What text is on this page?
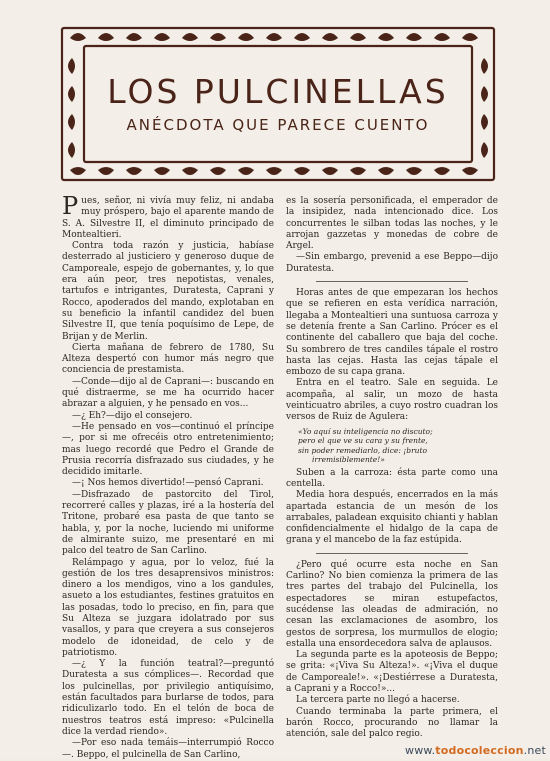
LOS PULCINELLAS
ANÉCDOTA QUE PARECE CUENTO

Pues, señor, ni vivía muy feliz, ni andaba muy próspero, bajo el aparente mando de S. A. Silvestre II, el diminuto principado de Montealtieri.

Contra toda razón y justicia, habíase desterrado al justiciero y generoso duque de Camporeale, espejo de gobernantes, y, lo que era aún peor, tres nepotistas, venales, tartufos e intrigantes, Duratesta, Caprani y Rocco, apoderados del mando, explotaban en su beneficio la infantil candidez del buen Silvestre II, que tenía poquísimo de Lepe, de Brijan y de Merlin.

Cierta mañana de febrero de 1780, Su Alteza despertó con humor más negro que conciencia de prestamista.

—Conde—dijo al de Caprani—: buscando en qué distraerme, se me ha ocurrido hacer abrazar a alguien, y he pensado en vos...

—¿ Eh?—dijo el consejero.

—He pensado en vos—continuó el príncipe—, por si me ofrecéis otro entretenimiento; mas luego recordé que Pedro el Grande de Prusia recorría disfrazado sus ciudades, y he decidido imitarle.

—¡ Nos hemos divertido!—pensó Caprani.

—Disfrazado de pastorcito del Tirol, recorreré calles y plazas, iré a la hostería del Tritone, probaré esa pasta de que tanto se habla, y, por la noche, luciendo mi uniforme de almirante suizo, me presentaré en mi palco del teatro de San Carlino.

Relámpago y agua, por lo veloz, fué la gestión de los tres desaprensivos ministros: dinero a los mendigos, vino a los gandules, asueto a los estudiantes, festines gratuitos en las posadas, todo lo preciso, en fin, para que Su Alteza se juzgara idolatrado por sus vasallos, y para que creyera a sus consejeros modelo de idoneidad, de celo y de patriotismo.

—¿ Y la función teatral?—preguntó Duratesta a sus cómplices—. Recordad que los pulcinellas, por privilegio antiquísimo, están facultados para burlarse de todos, para ridiculizarlo todo. En el telón de boca de nuestros teatros está impreso: «Pulcinella dice la verdad riendo».

—Por eso nada temáis—interrumpió Rocco—. Beppo, el pulcinella de San Carlino,

es la sosería personificada, el emperador de la insipidez, nada intencionado dice. Los concurrentes le silban todas las noches, y le arrojan gazzetas y monedas de cobre de Argel.

—Sin embargo, prevenid a ese Beppo—dijo Duratesta.

Horas antes de que empezaran los hechos que se refieren en esta verídica narración, llegaba a Montealtieri una suntuosa carroza y se detenía frente a San Carlino. Prócer es el continente del caballero que baja del coche. Su sombrero de tres candiles tápale el rostro hasta las cejas. Hasta las cejas tápale el embozo de su capa grana.

Entra en el teatro. Sale en seguida. Le acompaña, al salir, un mozo de hasta veinticuatro abriles, a cuyo rostro cuadran los versos de Ruiz de Agulera:

«Yo aquí su inteligencia no discuto;

pero el que ve su cara y su frente,

sin poder remediarlo, dice: ¡bruto

irremisiblemente!»

Suben a la carroza: ésta parte como una centella.

Media hora después, encerrados en la más apartada estancia de un mesón de los arrabales, paladean exquisito chianti y hablan confidencialmente el hidalgo de la capa de grana y el mancebo de la faz estúpida.

¿Pero qué ocurre esta noche en San Carlino? No bien comienza la primera de las tres partes del trabajo del Pulcinella, los espectadores se miran estupefactos, sucédense las oleadas de admiración, no cesan las exclamaciones de asombro, los gestos de sorpresa, los murmullos de elogio; estalla una ensordecedora salva de aplausos.

La segunda parte es la apoteosis de Beppo; se grita: «¡Viva Su Alteza!». «¡Viva el duque de Camporeale!». «¡Destiérrese a Duratesta, a Caprani y a Rocco!»...

La tercera parte no llegó a hacerse.

Cuando terminaba la parte primera, el barón Rocco, procurando no llamar la atención, sale del palco regio.

www.todocoleccion.net
